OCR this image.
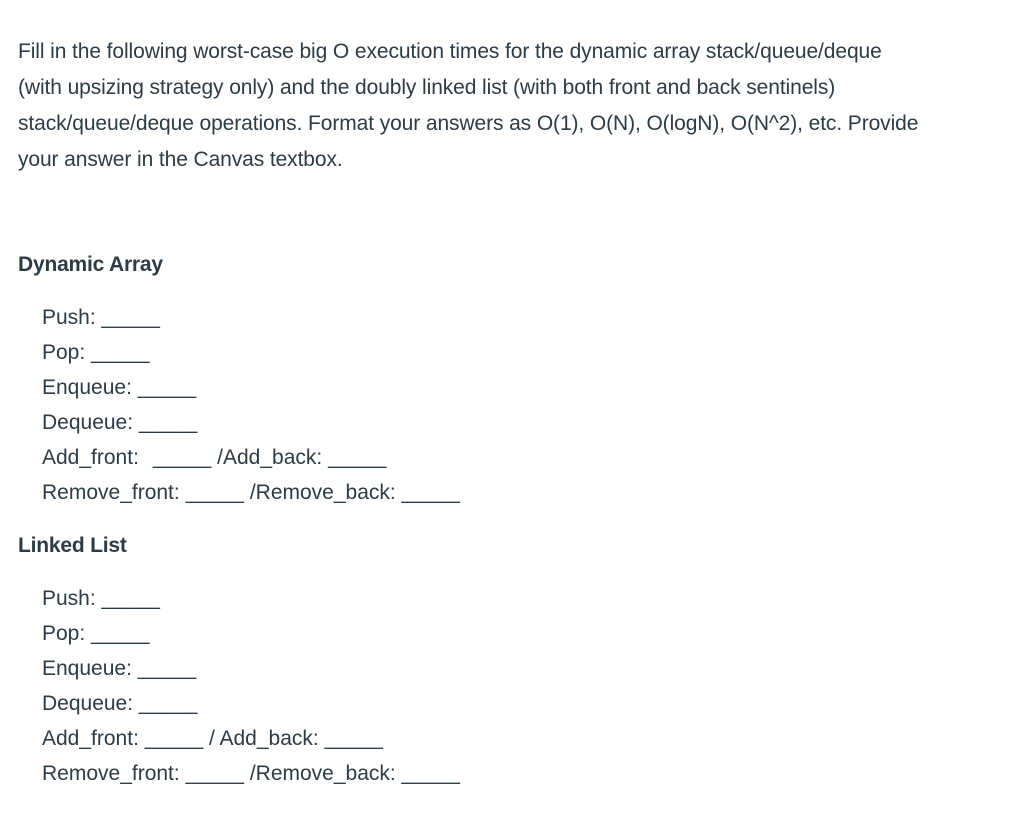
Fill in the following worst-case big O execution times for the dynamic array stack/queue/deque
(with upsizing strategy only) and the doubly linked list (with both front and back sentinels)
stack/queue/deque operations. Format your answers as O(1), O(N), O(logN), O(N^2), etc. Provide
your answer in the Canvas textbox.
Dynamic Array
Push: _____
Pop: _____
Enqueue: _____
Dequeue: _____
Add_front: _____ /Add_back: _____
Remove_front: _____ /Remove_back: _____
Linked List
Push: _____
Pop: _____
Enqueue: _____
Dequeue: _____
Add_front: _____ / Add_back: _____
Remove_front: _____ /Remove_back: _____
